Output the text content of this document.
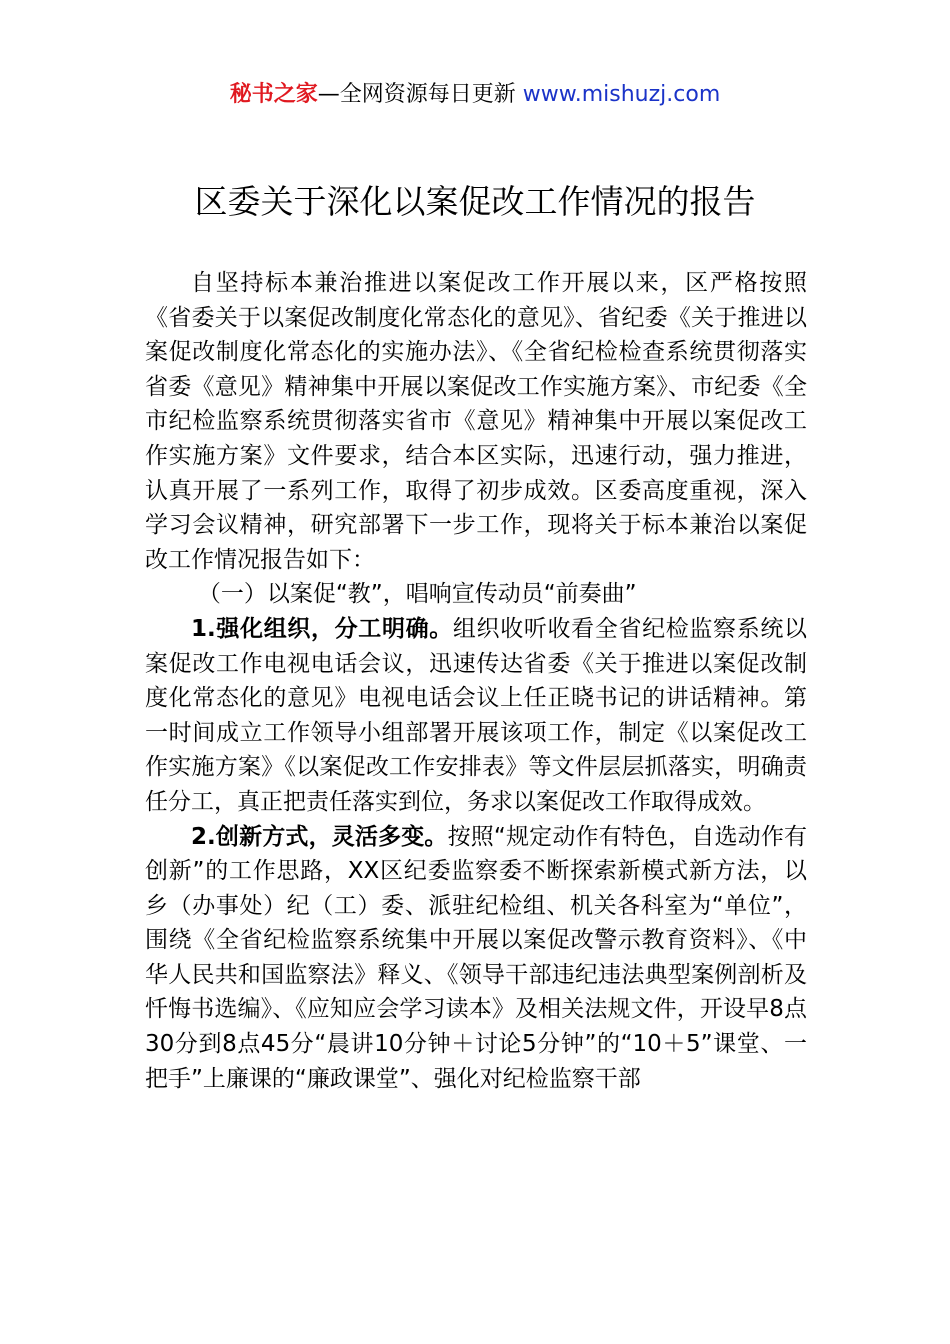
秘书之家—全网资源每日更新 www.mishuzj.com
区委关于深化以案促改工作情况的报告

自坚持标本兼治推进以案促改工作开展以来，区严格按照《省委关于以案促改制度化常态化的意见》、省纪委《关于推进以案促改制度化常态化的实施办法》、《全省纪检检查系统贯彻落实省委《意见》精神集中开展以案促改工作实施方案》、市纪委《全市纪检监察系统贯彻落实省市《意见》精神集中开展以案促改工作实施方案》文件要求，结合本区实际，迅速行动，强力推进，认真开展了一系列工作，取得了初步成效。区委高度重视，深入学习会议精神，研究部署下一步工作，现将关于标本兼治以案促改工作情况报告如下：

（一）以案促“教”，唱响宣传动员“前奏曲”

1.强化组织，分工明确。组织收听收看全省纪检监察系统以案促改工作电视电话会议，迅速传达省委《关于推进以案促改制度化常态化的意见》电视电话会议上任正晓书记的讲话精神。第一时间成立工作领导小组部署开展该项工作，制定《以案促改工作实施方案》《以案促改工作安排表》等文件层层抓落实，明确责任分工，真正把责任落实到位，务求以案促改工作取得成效。

2.创新方式，灵活多变。按照“规定动作有特色，自选动作有创新”的工作思路，XX区纪委监察委不断探索新模式新方法，以乡（办事处）纪（工）委、派驻纪检组、机关各科室为“单位”，围绕《全省纪检监察系统集中开展以案促改警示教育资料》、《中华人民共和国监察法》释义、《领导干部违纪违法典型案例剖析及忏悔书选编》、《应知应会学习读本》及相关法规文件，开设早8点30分到8点45分“晨讲10分钟＋讨论5分钟”的“10＋5”课堂、一把手”上廉课的“廉政课堂”、强化对纪检监察干部
